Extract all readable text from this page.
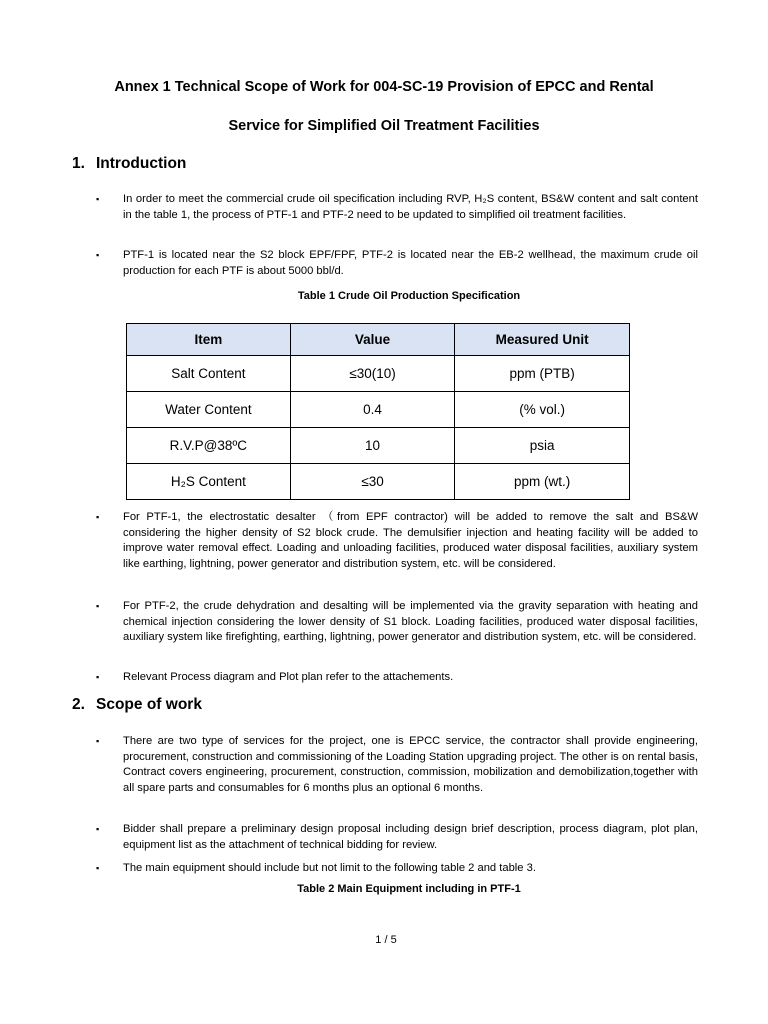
Annex 1 Technical Scope of Work for 004-SC-19 Provision of EPCC and Rental
Service for Simplified Oil Treatment Facilities
1. Introduction
▪ In order to meet the commercial crude oil specification including RVP, H₂S content, BS&W content and salt content in the table 1, the process of PTF-1 and PTF-2 need to be updated to simplified oil treatment facilities.
▪ PTF-1 is located near the S2 block EPF/FPF, PTF-2 is located near the EB-2 wellhead, the maximum crude oil production for each PTF is about 5000 bbl/d.
Table 1 Crude Oil Production Specification
Item	Value	Measured Unit
Salt Content	≤30(10)	ppm (PTB)
Water Content	0.4	(% vol.)
R.V.P@38ºC	10	psia
H₂S Content	≤30	ppm (wt.)
▪ For PTF-1, the electrostatic desalter （from EPF contractor) will be added to remove the salt and BS&W considering the higher density of S2 block crude. The demulsifier injection and heating facility will be added to improve water removal effect. Loading and unloading facilities, produced water disposal facilities, auxiliary system like earthing, lightning, power generator and distribution system, etc. will be considered.
▪ For PTF-2, the crude dehydration and desalting will be implemented via the gravity separation with heating and chemical injection considering the lower density of S1 block. Loading facilities, produced water disposal facilities, auxiliary system like firefighting, earthing, lightning, power generator and distribution system, etc. will be considered.
▪ Relevant Process diagram and Plot plan refer to the attachements.
2. Scope of work
▪ There are two type of services for the project, one is EPCC service, the contractor shall provide engineering, procurement, construction and commissioning of the Loading Station upgrading project. The other is on rental basis, Contract covers engineering, procurement, construction, commission, mobilization and demobilization,together with all spare parts and consumables for 6 months plus an optional 6 months.
▪ Bidder shall prepare a preliminary design proposal including design brief description, process diagram, plot plan, equipment list as the attachment of technical bidding for review.
▪ The main equipment should include but not limit to the following table 2 and table 3.
Table 2 Main Equipment including in PTF-1
1 / 5
